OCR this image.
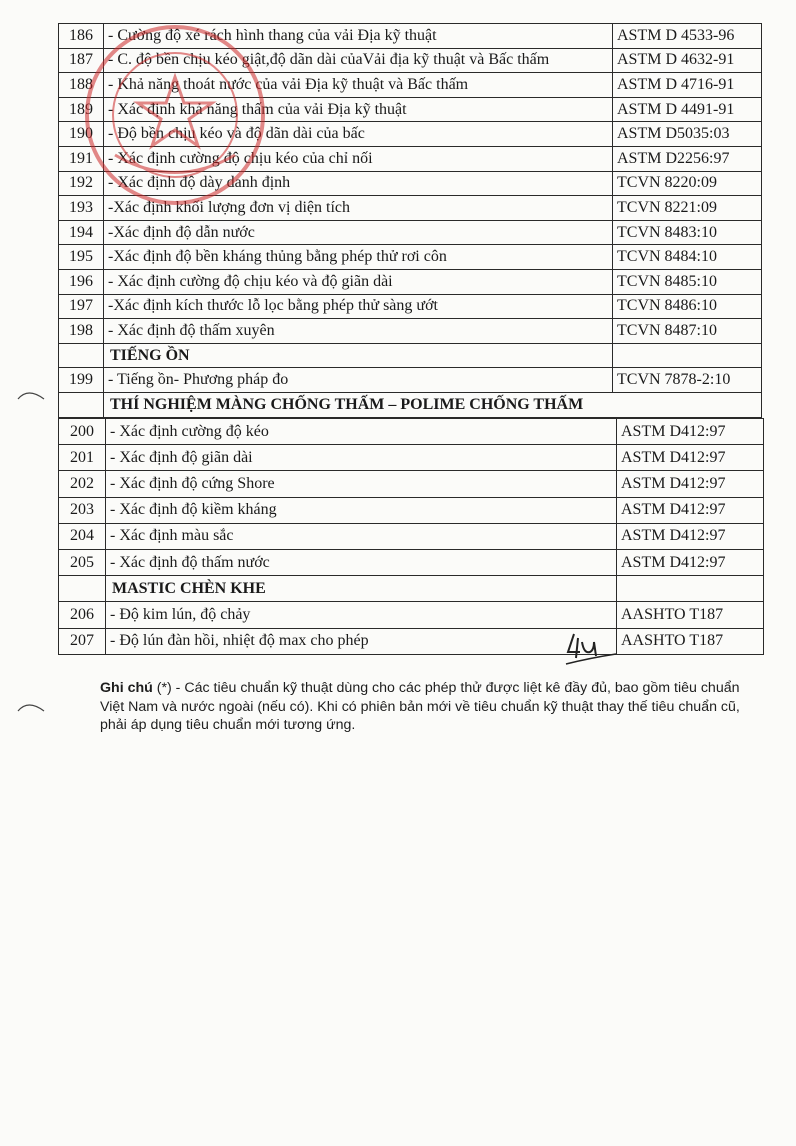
186	- Cường độ xé rách hình thang của vải Địa kỹ thuật	ASTM D 4533-96
187	- C. độ bền chịu kéo giật,độ dãn dài củaVải địa kỹ thuật và Bấc thấm	ASTM D 4632-91
188	- Khả năng thoát nước của vải Địa kỹ thuật và Bấc thấm	ASTM D 4716-91
189	- Xác định khả năng thấm của vải Địa kỹ thuật	ASTM D 4491-91
190	- Độ bền chịu kéo và độ dãn dài của bấc	ASTM D5035:03
191	- Xác định cường độ chịu kéo của chỉ nối	ASTM D2256:97
192	- Xác định độ dày danh định	TCVN 8220:09
193	-Xác định khối lượng đơn vị diện tích	TCVN 8221:09
194	-Xác định độ dẫn nước	TCVN 8483:10
195	-Xác định độ bền kháng thủng bằng phép thử rơi côn	TCVN 8484:10
196	- Xác định cường độ chịu kéo và độ giãn dài	TCVN 8485:10
197	-Xác định kích thước lỗ lọc bằng phép thử sàng ướt	TCVN 8486:10
198	- Xác định độ thấm xuyên	TCVN 8487:10
	TIẾNG ỒN	
199	- Tiếng ồn- Phương pháp đo	TCVN 7878-2:10
	THÍ NGHIỆM MÀNG CHỐNG THẤM – POLIME CHỐNG THẤM	
200	- Xác định cường độ kéo	ASTM D412:97
201	- Xác định độ giãn dài	ASTM D412:97
202	- Xác định độ cứng Shore	ASTM D412:97
203	- Xác định độ kiềm kháng	ASTM D412:97
204	- Xác định màu sắc	ASTM D412:97
205	- Xác định độ thấm nước	ASTM D412:97
	MASTIC CHÈN KHE	
206	- Độ kim lún, độ chảy	AASHTO T187
207	- Độ lún đàn hồi, nhiệt độ max cho phép	AASHTO T187
Ghi chú (*) - Các tiêu chuẩn kỹ thuật dùng cho các phép thử được liệt kê đầy đủ, bao gồm tiêu chuẩn Việt Nam và nước ngoài (nếu có). Khi có phiên bản mới về tiêu chuẩn kỹ thuật thay thế tiêu chuẩn cũ, phải áp dụng tiêu chuẩn mới tương ứng.
